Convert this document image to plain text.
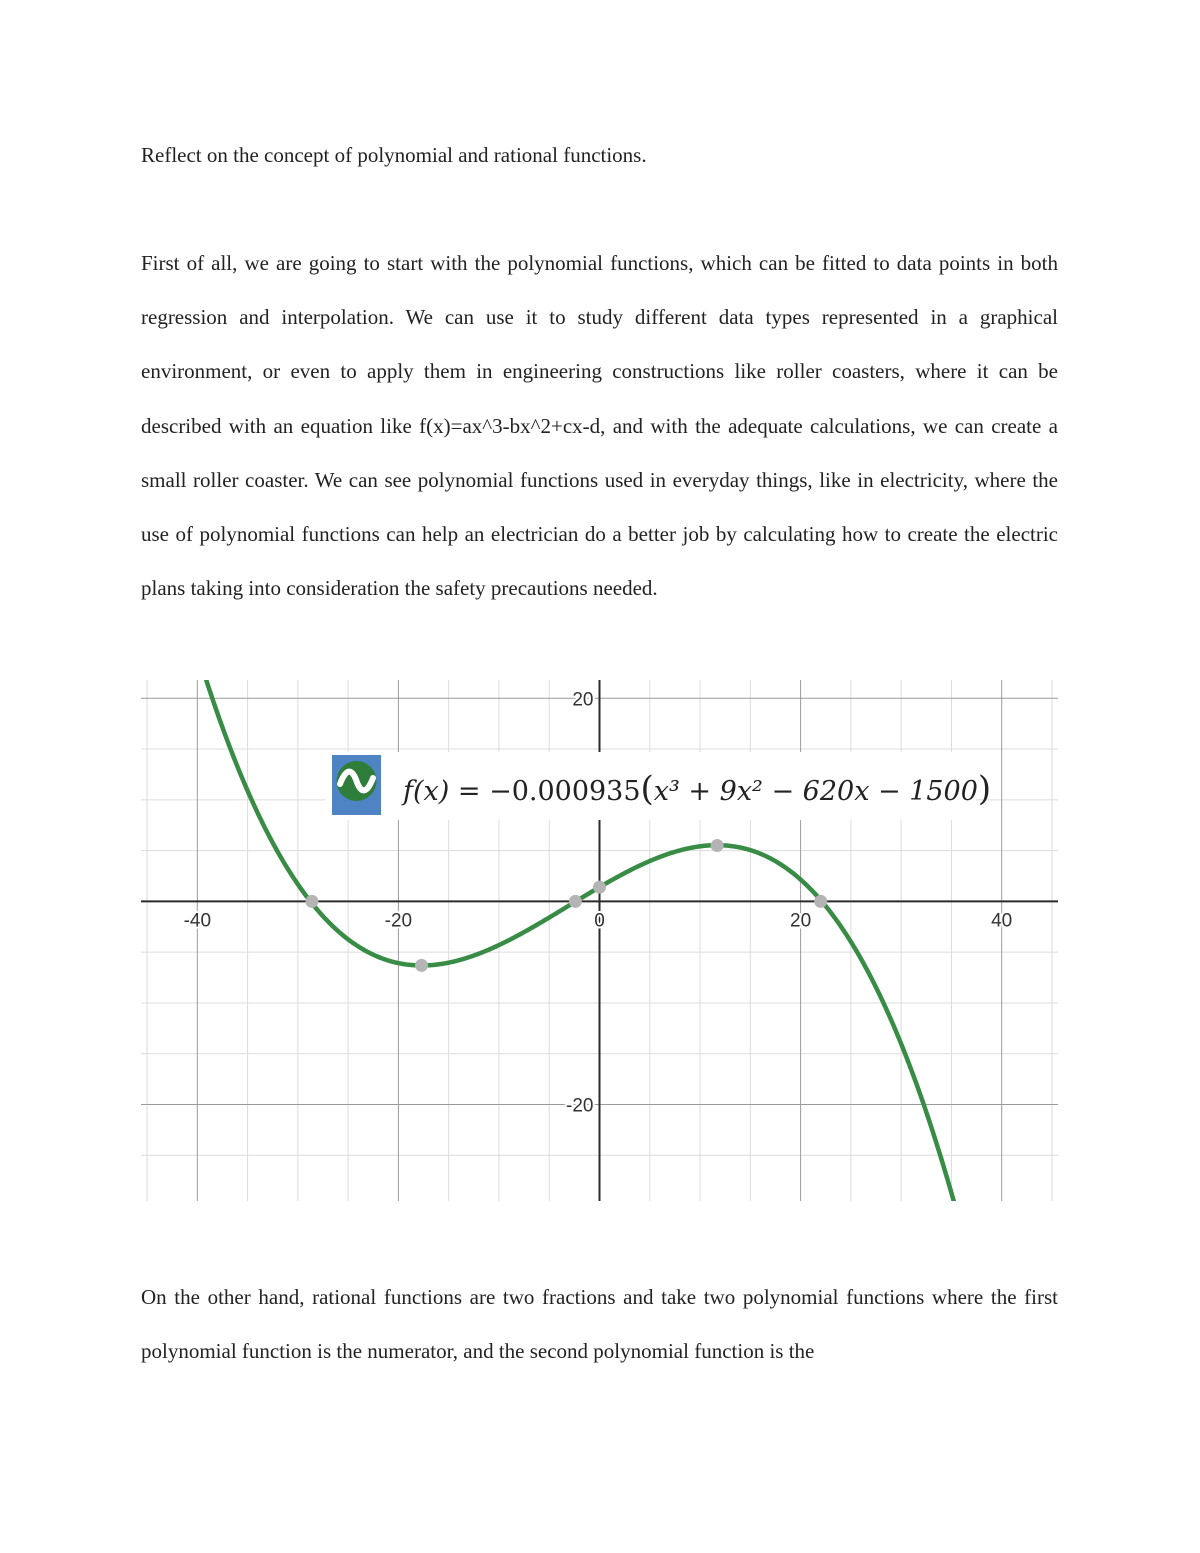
Reflect on the concept of polynomial and rational functions.

First of all, we are going to start with the polynomial functions, which can be fitted to data points in both regression and interpolation. We can use it to study different data types represented in a graphical environment, or even to apply them in engineering constructions like roller coasters, where it can be described with an equation like f(x)=ax^3-bx^2+cx-d, and with the adequate calculations, we can create a small roller coaster. We can see polynomial functions used in everyday things, like in electricity, where the use of polynomial functions can help an electrician do a better job by calculating how to create the electric plans taking into consideration the safety precautions needed.

-40	-20	0	20	40
20
-20
f(x) = −0.000935(x³ + 9x² − 620x − 1500)

On the other hand, rational functions are two fractions and take two polynomial functions where the first polynomial function is the numerator, and the second polynomial function is the
